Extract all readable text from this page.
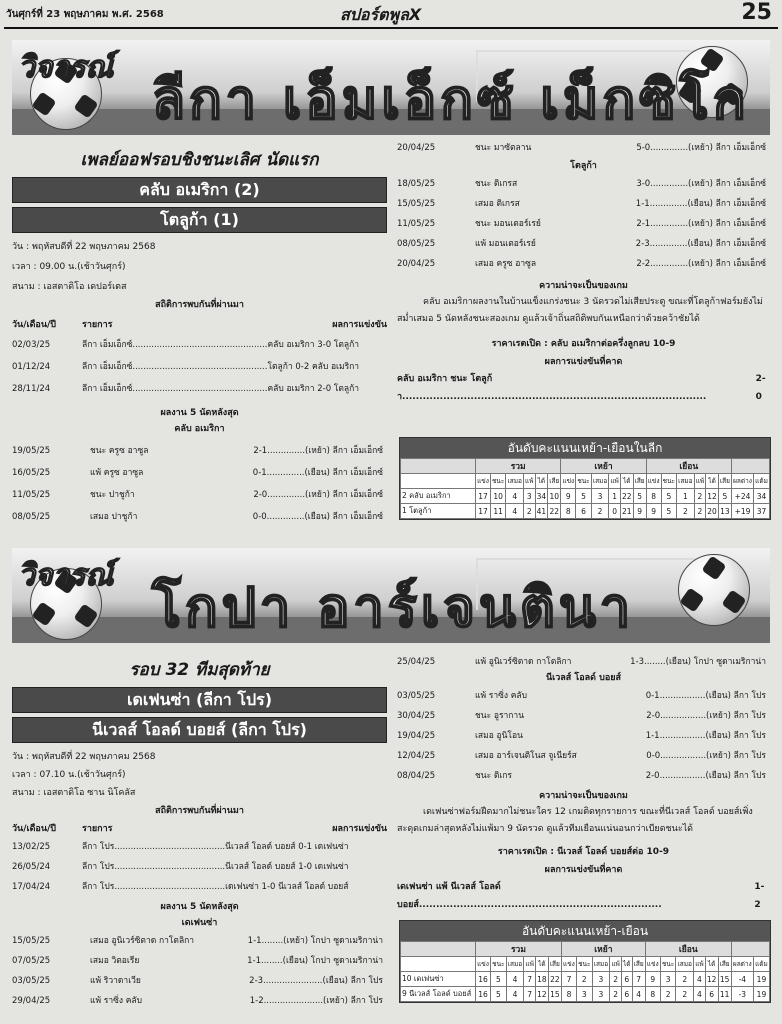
วันศุกร์ที่ 23 พฤษภาคม พ.ศ. 2568	สปอร์ตพูลX	25
วิจารณ์
ลีกา เอ็มเอ็กซ์ เม็กซิโก

เพลย์ออฟรอบชิงชนะเลิศ นัดแรก

คลับ อเมริกา (2)
โตลูก้า (1)
วัน : พฤหัสบดีที่ 22 พฤษภาคม 2568
เวลา : 09.00 น.(เช้าวันศุกร์)
สนาม : เอสตาดิโอ เดปอร์เตส
สถิติการพบกันที่ผ่านมา
วัน/เดือน/ปี	รายการ	ผลการแข่งขัน
02/03/25	ลีกา เอ็มเอ็กซ์..................................................คลับ อเมริกา 3-0 โตลูก้า
01/12/24	ลีกา เอ็มเอ็กซ์..................................................โตลูก้า 0-2 คลับ อเมริกา
28/11/24	ลีกา เอ็มเอ็กซ์..................................................คลับ อเมริกา 2-0 โตลูก้า
ผลงาน 5 นัดหลังสุด
คลับ อเมริกา
19/05/25	ชนะ ครูซ อาซูล	2-1..............(เหย้า) ลีกา เอ็มเอ็กซ์
16/05/25	แพ้ ครูซ อาซูล	0-1..............(เยือน) ลีกา เอ็มเอ็กซ์
11/05/25	ชนะ ปาชูก้า	2-0..............(เหย้า) ลีกา เอ็มเอ็กซ์
08/05/25	เสมอ ปาชูก้า	0-0..............(เยือน) ลีกา เอ็มเอ็กซ์
20/04/25	ชนะ มาซัตลาน	5-0..............(เหย้า) ลีกา เอ็มเอ็กซ์
โตลูก้า
18/05/25	ชนะ ติเกรส	3-0..............(เหย้า) ลีกา เอ็มเอ็กซ์
15/05/25	เสมอ ติเกรส	1-1..............(เยือน) ลีกา เอ็มเอ็กซ์
11/05/25	ชนะ มอนเตอร์เรย์	2-1..............(เหย้า) ลีกา เอ็มเอ็กซ์
08/05/25	แพ้ มอนเตอร์เรย์	2-3..............(เยือน) ลีกา เอ็มเอ็กซ์
20/04/25	เสมอ ครูซ อาซูล	2-2..............(เหย้า) ลีกา เอ็มเอ็กซ์
ความน่าจะเป็นของเกม

คลับ อเมริกาผลงานในบ้านแข็งแกร่งชนะ 3 นัดรวดไม่เสียประตู ขณะที่โตลูก้าฟอร์มยังไม่สม่ำเสมอ 5 นัดหลังชนะสองเกม ดูแล้วเจ้าถิ่นสถิติพบกันเหนือกว่าด้วยคว้าชัยได้

ราคาเรตเปิด : คลับ อเมริกาต่อครึ่งลูกลบ 10-9
ผลการแข่งขันที่คาด
คลับ อเมริกา ชนะ โตลูก้า.........................................................................................
2-0
อันดับคะแนนเหย้า-เยือนในลีก
	รวม						เหย้า						เยือน							
	แข่ง	ชนะ	เสมอ	แพ้	ได้	เสีย	แข่ง	ชนะ	เสมอ	แพ้	ได้	เสีย	แข่ง	ชนะ	เสมอ	แพ้	ได้	เสีย	ผลต่าง	แต้ม
2 คลับ อเมริกา	17	10	4	3	34	10	9	5	3	1	22	5	8	5	1	2	12	5	+24	34
1 โตลูก้า	17	11	4	2	41	22	8	6	2	0	21	9	9	5	2	2	20	13	+19	37
วิจารณ์
โกปา อาร์เจนตินา

รอบ 32 ทีมสุดท้าย

เดเฟนซ่า (ลีกา โปร)
นีเวลส์ โอลด์ บอยส์ (ลีกา โปร)
วัน : พฤหัสบดีที่ 22 พฤษภาคม 2568
เวลา : 07.10 น.(เช้าวันศุกร์)
สนาม : เอสตาดิโอ ซาน นิโคลัส
สถิติการพบกันที่ผ่านมา
วัน/เดือน/ปี	รายการ	ผลการแข่งขัน
13/02/25	ลีกา โปร.........................................นีเวลส์ โอลด์ บอยส์ 0-1 เดเฟนซ่า
26/05/24	ลีกา โปร.........................................นีเวลส์ โอลด์ บอยส์ 1-0 เดเฟนซ่า
17/04/24	ลีกา โปร.........................................เดเฟนซ่า 1-0 นีเวลส์ โอลด์ บอยส์
ผลงาน 5 นัดหลังสุด
เดเฟนซ่า
15/05/25	เสมอ อูนิเวร์ซิตาด กาโตลิกา	1-1........(เหย้า) โกปา ซูดาเมริกาน่า
07/05/25	เสมอ วิตอเรีย	1-1........(เยือน) โกปา ซูดาเมริกาน่า
03/05/25	แพ้ ริวาดาเวีย	2-3......................(เยือน) ลีกา โปร
29/04/25	แพ้ ราซิ่ง คลับ	1-2......................(เหย้า) ลีกา โปร
25/04/25	แพ้ อูนิเวร์ซิตาด กาโตลิกา	1-3........(เยือน) โกปา ซูดาเมริกาน่า
นีเวลส์ โอลด์ บอยส์
03/05/25	แพ้ ราซิ่ง คลับ	0-1.................(เยือน) ลีกา โปร
30/04/25	ชนะ อูรากาน	2-0.................(เหย้า) ลีกา โปร
19/04/25	เสมอ อูนิโอน	1-1.................(เยือน) ลีกา โปร
12/04/25	เสมอ อาร์เจนติโนส จูเนียร์ส	0-0.................(เหย้า) ลีกา โปร
08/04/25	ชนะ ติเกร	2-0.................(เยือน) ลีกา โปร
ความน่าจะเป็นของเกม

เดเฟนซ่าฟอร์มฝืดมากไม่ชนะใคร 12 เกมติดทุกรายการ ขณะที่นีเวลส์ โอลด์ บอยส์เพิ่งสะดุดเกมล่าสุดหลังไม่แพ้มา 9 นัดรวด ดูแล้วทีมเยือนแน่นอนกว่าเบียดชนะได้

ราคาเรตเปิด : นีเวลส์ โอลด์ บอยส์ต่อ 10-9
ผลการแข่งขันที่คาด
เดเฟนซ่า แพ้ นีเวลส์ โอลด์ บอยส์.......................................................................
1-2
อันดับคะแนนเหย้า-เยือน
	รวม						เหย้า						เยือน							
	แข่ง	ชนะ	เสมอ	แพ้	ได้	เสีย	แข่ง	ชนะ	เสมอ	แพ้	ได้	เสีย	แข่ง	ชนะ	เสมอ	แพ้	ได้	เสีย	ผลต่าง	แต้ม
10 เดเฟนซ่า	16	5	4	7	18	22	7	2	3	2	6	7	9	3	2	4	12	15	-4	19
9 นีเวลส์ โอลด์ บอยส์	16	5	4	7	12	15	8	3	3	2	6	4	8	2	2	4	6	11	-3	19
